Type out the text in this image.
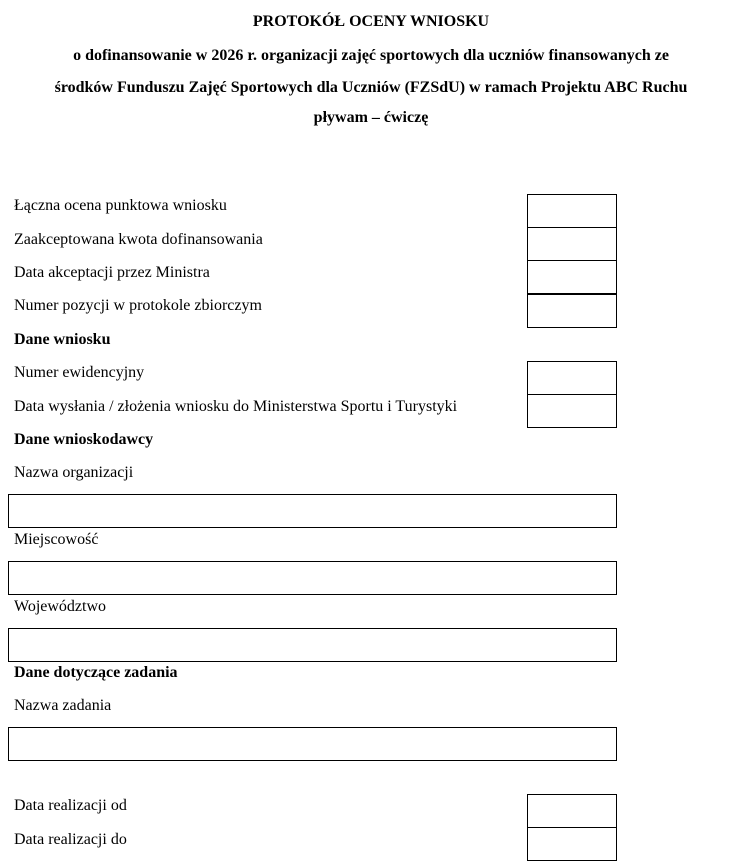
PROTOKÓŁ OCENY WNIOSKU
o dofinansowanie w 2026 r. organizacji zajęć sportowych dla uczniów finansowanych ze
środków Funduszu Zajęć Sportowych dla Uczniów (FZSdU) w ramach Projektu ABC Ruchu
pływam – ćwiczę
Łączna ocena punktowa wniosku
Zaakceptowana kwota dofinansowania
Data akceptacji przez Ministra
Numer pozycji w protokole zbiorczym
Dane wniosku
Numer ewidencyjny
Data wysłania / złożenia wniosku do Ministerstwa Sportu i Turystyki
Dane wnioskodawcy
Nazwa organizacji
Miejscowość
Województwo
Dane dotyczące zadania
Nazwa zadania
Data realizacji od
Data realizacji do
